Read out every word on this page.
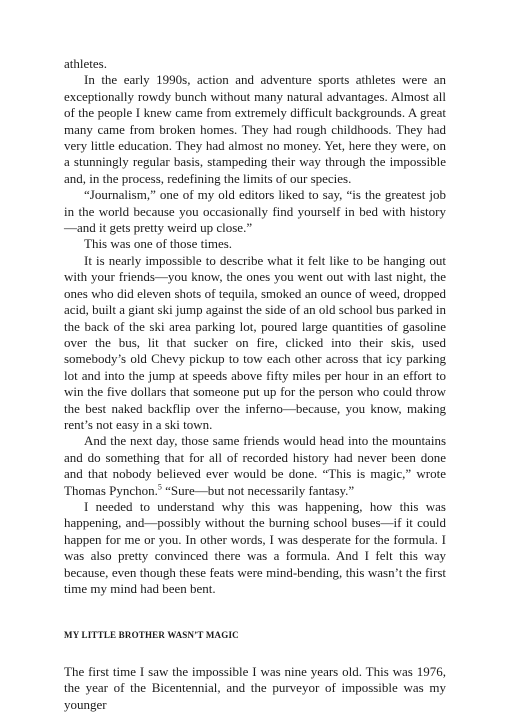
athletes.

In the early 1990s, action and adventure sports athletes were an exceptionally rowdy bunch without many natural advantages. Almost all of the people I knew came from extremely difficult backgrounds. A great many came from broken homes. They had rough childhoods. They had very little education. They had almost no money. Yet, here they were, on a stunningly regular basis, stampeding their way through the impossible and, in the process, redefining the limits of our species.

“Journalism,” one of my old editors liked to say, “is the greatest job in the world because you occasionally find yourself in bed with history—and it gets pretty weird up close.”

This was one of those times.

It is nearly impossible to describe what it felt like to be hanging out with your friends—you know, the ones you went out with last night, the ones who did eleven shots of tequila, smoked an ounce of weed, dropped acid, built a giant ski jump against the side of an old school bus parked in the back of the ski area parking lot, poured large quantities of gasoline over the bus, lit that sucker on fire, clicked into their skis, used somebody’s old Chevy pickup to tow each other across that icy parking lot and into the jump at speeds above fifty miles per hour in an effort to win the five dollars that someone put up for the person who could throw the best naked backflip over the inferno—because, you know, making rent’s not easy in a ski town.

And the next day, those same friends would head into the mountains and do something that for all of recorded history had never been done and that nobody believed ever would be done. “This is magic,” wrote Thomas Pynchon.$^5$ “Sure—but not necessarily fantasy.”

I needed to understand why this was happening, how this was happening, and—possibly without the burning school buses—if it could happen for me or you. In other words, I was desperate for the formula. I was also pretty convinced there was a formula. And I felt this way because, even though these feats were mind-bending, this wasn’t the first time my mind had been bent.

MY LITTLE BROTHER WASN’T MAGIC

The first time I saw the impossible I was nine years old. This was 1976, the year of the Bicentennial, and the purveyor of impossible was my younger
